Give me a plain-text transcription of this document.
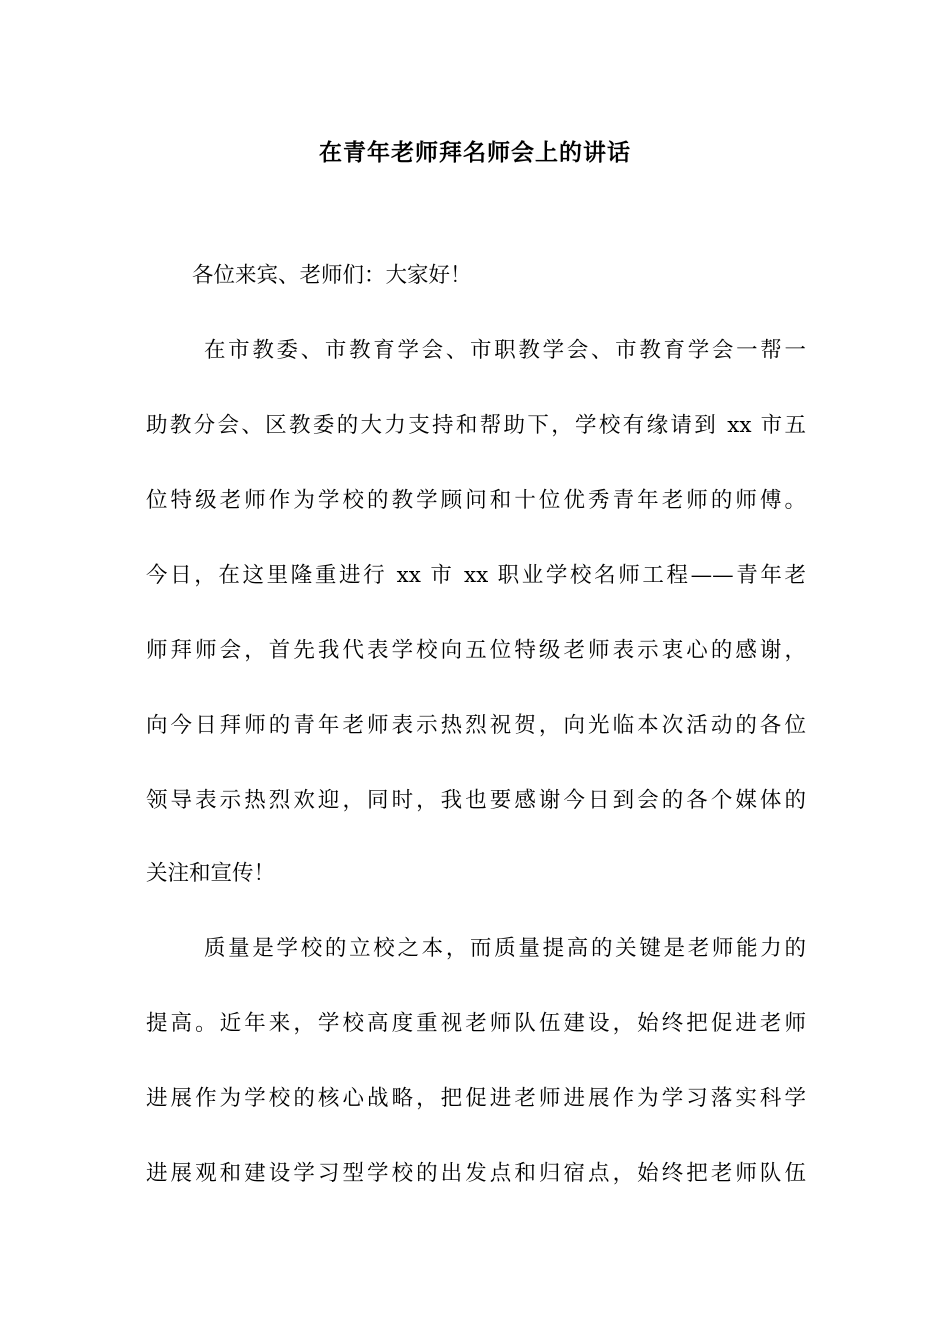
在青年老师拜名师会上的讲话
各位来宾、老师们：大家好！
在市教委、市教育学会、市职教学会、市教育学会一帮一
助教分会、区教委的大力支持和帮助下，学校有缘请到 xx 市五
位特级老师作为学校的教学顾问和十位优秀青年老师的师傅。
今日，在这里隆重进行 xx 市 xx 职业学校名师工程——青年老
师拜师会，首先我代表学校向五位特级老师表示衷心的感谢，
向今日拜师的青年老师表示热烈祝贺，向光临本次活动的各位
领导表示热烈欢迎，同时，我也要感谢今日到会的各个媒体的
关注和宣传！
质量是学校的立校之本，而质量提高的关键是老师能力的
提高。近年来，学校高度重视老师队伍建设，始终把促进老师
进展作为学校的核心战略，把促进老师进展作为学习落实科学
进展观和建设学习型学校的出发点和归宿点，始终把老师队伍
